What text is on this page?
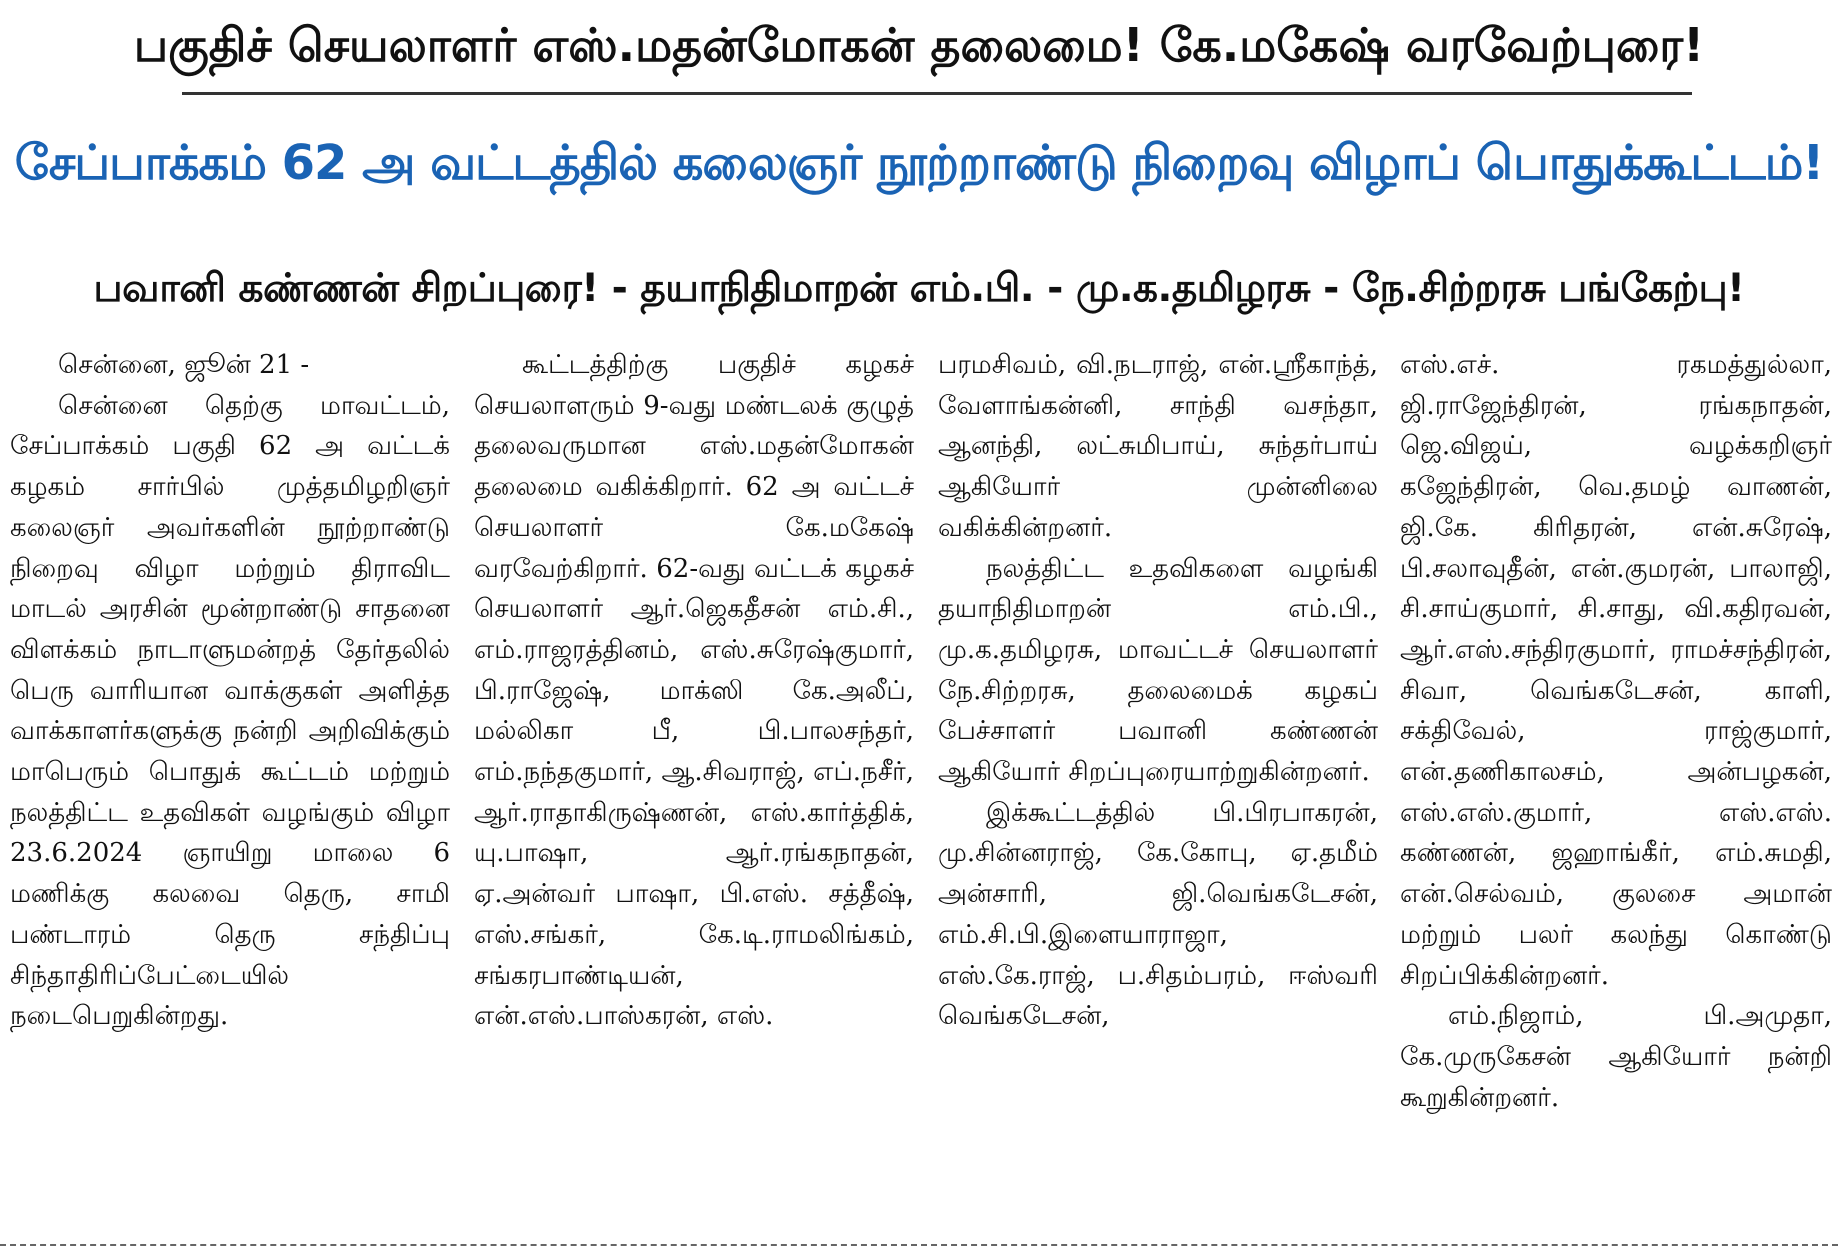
பகுதிச் செயலாளர் எஸ்.மதன்மோகன் தலைமை! கே.மகேஷ் வரவேற்புரை!
சேப்பாக்கம் 62 அ வட்டத்தில் கலைஞர் நூற்றாண்டு நிறைவு விழாப் பொதுக்கூட்டம்!
பவானி கண்ணன் சிறப்புரை! - தயாநிதிமாறன் எம்.பி. - மு.க.தமிழரசு - நே.சிற்றரசு பங்கேற்பு!

சென்னை, ஜூன் 21 -

சென்னை தெற்கு மாவட்டம், சேப்பாக்கம் பகுதி 62 அ வட்டக் கழகம் சார்பில் முத்தமிழறிஞர் கலைஞர் அவர்களின் நூற்றாண்டு நிறைவு விழா மற்றும் திராவிட மாடல் அரசின் மூன்றாண்டு சாதனை விளக்கம் நாடாளுமன்றத் தேர்தலில் பெரு வாரியான வாக்குகள் அளித்த வாக்காளர்களுக்கு நன்றி அறிவிக்கும் மாபெரும் பொதுக் கூட்டம் மற்றும் நலத்திட்ட உதவிகள் வழங்கும் விழா 23.6.2024 ஞாயிறு மாலை 6 மணிக்கு கலவை தெரு, சாமி பண்டாரம் தெரு சந்திப்பு சிந்தாதிரிப்பேட்டையில் நடைபெறுகின்றது.

கூட்டத்திற்கு பகுதிச் கழகச் செயலாளரும் 9-வது மண்டலக் குழுத் தலைவருமான எஸ்.மதன்மோகன் தலைமை வகிக்கிறார். 62 அ வட்டச் செயலாளர் கே.மகேஷ் வரவேற்கிறார். 62-வது வட்டக் கழகச் செயலாளர் ஆர்.ஜெகதீசன் எம்.சி., எம்.ராஜரத்தினம், எஸ்.சுரேஷ்குமார், பி.ராஜேஷ், மாக்ஸி கே.அலீப், மல்லிகா பீ, பி.பாலசந்தர், எம்.நந்தகுமார், ஆ.சிவராஜ், எப்.நசீர், ஆர்.ராதாகிருஷ்ணன், எஸ்.கார்த்திக், யு.பாஷா, ஆர்.ரங்கநாதன், ஏ.அன்வர் பாஷா, பி.எஸ். சத்தீஷ், எஸ்.சங்கர், கே.டி.ராமலிங்கம், சங்கரபாண்டியன், என்.எஸ்.பாஸ்கரன், எஸ்.

பரமசிவம், வி.நடராஜ், என்.ஸ்ரீகாந்த், வேளாங்கன்னி, சாந்தி வசந்தா, ஆனந்தி, லட்சுமிபாய், சுந்தர்பாய் ஆகியோர் முன்னிலை வகிக்கின்றனர்.

நலத்திட்ட உதவிகளை வழங்கி தயாநிதிமாறன் எம்.பி., மு.க.தமிழரசு, மாவட்டச் செயலாளர் நே.சிற்றரசு, தலைமைக் கழகப் பேச்சாளர் பவானி கண்ணன் ஆகியோர் சிறப்புரையாற்றுகின்றனர்.

இக்கூட்டத்தில் பி.பிரபாகரன், மு.சின்னராஜ், கே.கோபு, ஏ.தமீம் அன்சாரி, ஜி.வெங்கடேசன், எம்.சி.பி.இளையாராஜா, எஸ்.கே.ராஜ், ப.சிதம்பரம், ஈஸ்வரி வெங்கடேசன்,

எஸ்.எச். ரகமத்துல்லா, ஜி.ராஜேந்திரன், ரங்கநாதன், ஜெ.விஜய், வழக்கறிஞர் கஜேந்திரன், வெ.தமழ் வாணன், ஜி.கே. கிரிதரன், என்.சுரேஷ், பி.சலாவுதீன், என்.குமரன், பாலாஜி, சி.சாய்குமார், சி.சாது, வி.கதிரவன், ஆர்.எஸ்.சந்திரகுமார், ராமச்சந்திரன், சிவா, வெங்கடேசன், காளி, சக்திவேல், ராஜ்குமார், என்.தணிகாலசம், அன்பழகன், எஸ்.எஸ்.குமார், எஸ்.எஸ். கண்ணன், ஜஹாங்கீர், எம்.சுமதி, என்.செல்வம், குலசை அமான் மற்றும் பலர் கலந்து கொண்டு சிறப்பிக்கின்றனர்.

எம்.நிஜாம், பி.அமுதா, கே.முருகேசன் ஆகியோர் நன்றி கூறுகின்றனர்.
